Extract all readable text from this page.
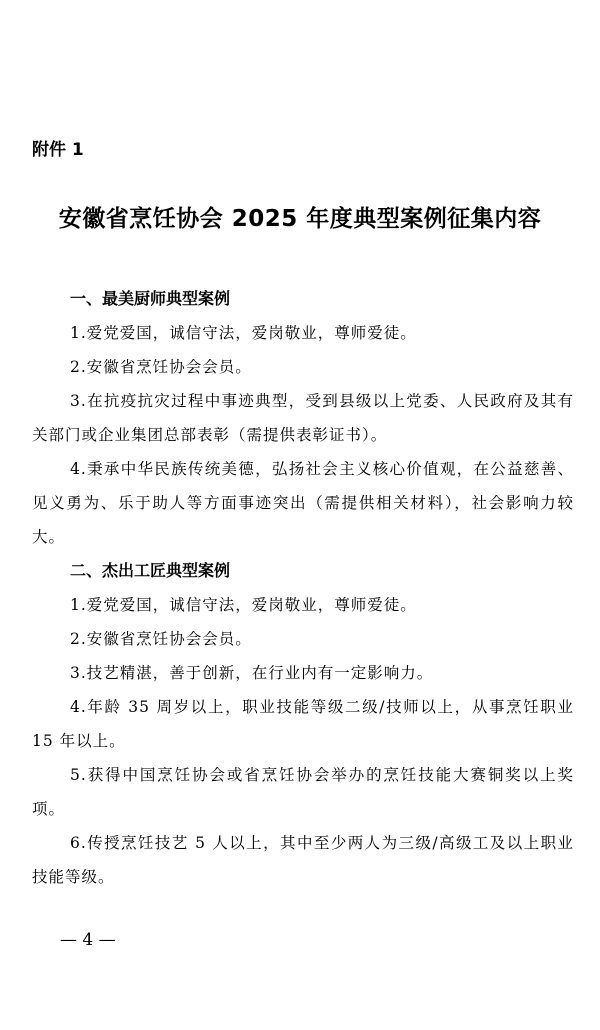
附件 1

安徽省烹饪协会 2025 年度典型案例征集内容

一、最美厨师典型案例

1.爱党爱国，诚信守法，爱岗敬业，尊师爱徒。

2.安徽省烹饪协会会员。

3.在抗疫抗灾过程中事迹典型，受到县级以上党委、人民政府及其有关部门或企业集团总部表彰（需提供表彰证书）。

4.秉承中华民族传统美德，弘扬社会主义核心价值观，在公益慈善、见义勇为、乐于助人等方面事迹突出（需提供相关材料），社会影响力较大。

二、杰出工匠典型案例

1.爱党爱国，诚信守法，爱岗敬业，尊师爱徒。

2.安徽省烹饪协会会员。

3.技艺精湛，善于创新，在行业内有一定影响力。

4.年龄 35 周岁以上，职业技能等级二级/技师以上，从事烹饪职业 15 年以上。

5.获得中国烹饪协会或省烹饪协会举办的烹饪技能大赛铜奖以上奖项。

6.传授烹饪技艺 5 人以上，其中至少两人为三级/高级工及以上职业技能等级。

— 4 —
